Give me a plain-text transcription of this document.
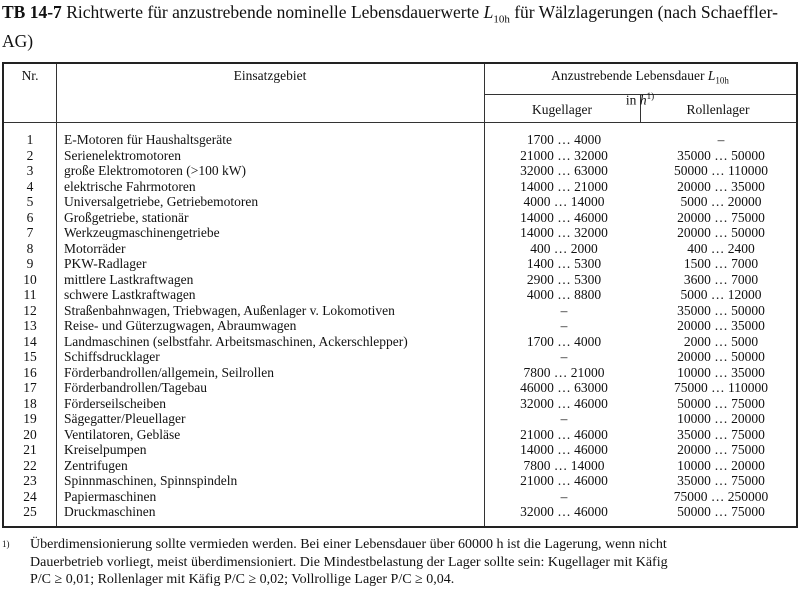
TB 14-7 Richtwerte für anzustrebende nominelle Lebensdauerwerte $L_{10h}$ für Wälzlagerungen (nach Schaeffler-AG)
Nr.	Einsatzgebiet	Anzustrebende Lebensdauer $L_{10h}$
in $h^{1)}$
Kugellager	Rollenlager
1	E-Motoren für Haushaltsgeräte	1700 … 4000	–
2	Serienelektromotoren	21000 … 32000	35000 … 50000
3	große Elektromotoren (>100 kW)	32000 … 63000	50000 … 110000
4	elektrische Fahrmotoren	14000 … 21000	20000 … 35000
5	Universalgetriebe, Getriebemotoren	4000 … 14000	5000 … 20000
6	Großgetriebe, stationär	14000 … 46000	20000 … 75000
7	Werkzeugmaschinengetriebe	14000 … 32000	20000 … 50000
8	Motorräder	400 … 2000	400 … 2400
9	PKW-Radlager	1400 … 5300	1500 … 7000
10	mittlere Lastkraftwagen	2900 … 5300	3600 … 7000
11	schwere Lastkraftwagen	4000 … 8800	5000 … 12000
12	Straßenbahnwagen, Triebwagen, Außenlager v. Lokomotiven	–	35000 … 50000
13	Reise- und Güterzugwagen, Abraumwagen	–	20000 … 35000
14	Landmaschinen (selbstfahr. Arbeitsmaschinen, Ackerschlepper)	1700 … 4000	2000 … 5000
15	Schiffsdrucklager	–	20000 … 50000
16	Förderbandrollen/allgemein, Seilrollen	7800 … 21000	10000 … 35000
17	Förderbandrollen/Tagebau	46000 … 63000	75000 … 110000
18	Förderseilscheiben	32000 … 46000	50000 … 75000
19	Sägegatter/Pleuellager	–	10000 … 20000
20	Ventilatoren, Gebläse	21000 … 46000	35000 … 75000
21	Kreiselpumpen	14000 … 46000	20000 … 75000
22	Zentrifugen	7800 … 14000	10000 … 20000
23	Spinnmaschinen, Spinnspindeln	21000 … 46000	35000 … 75000
24	Papiermaschinen	–	75000 … 250000
25	Druckmaschinen	32000 … 46000	50000 … 75000
$^{1)}$ Überdimensionierung sollte vermieden werden. Bei einer Lebensdauer über 60000 h ist die Lagerung, wenn nicht
Dauerbetrieb vorliegt, meist überdimensioniert. Die Mindestbelastung der Lager sollte sein: Kugellager mit Käfig
P/C ≥ 0,01; Rollenlager mit Käfig P/C ≥ 0,02; Vollrollige Lager P/C ≥ 0,04.
